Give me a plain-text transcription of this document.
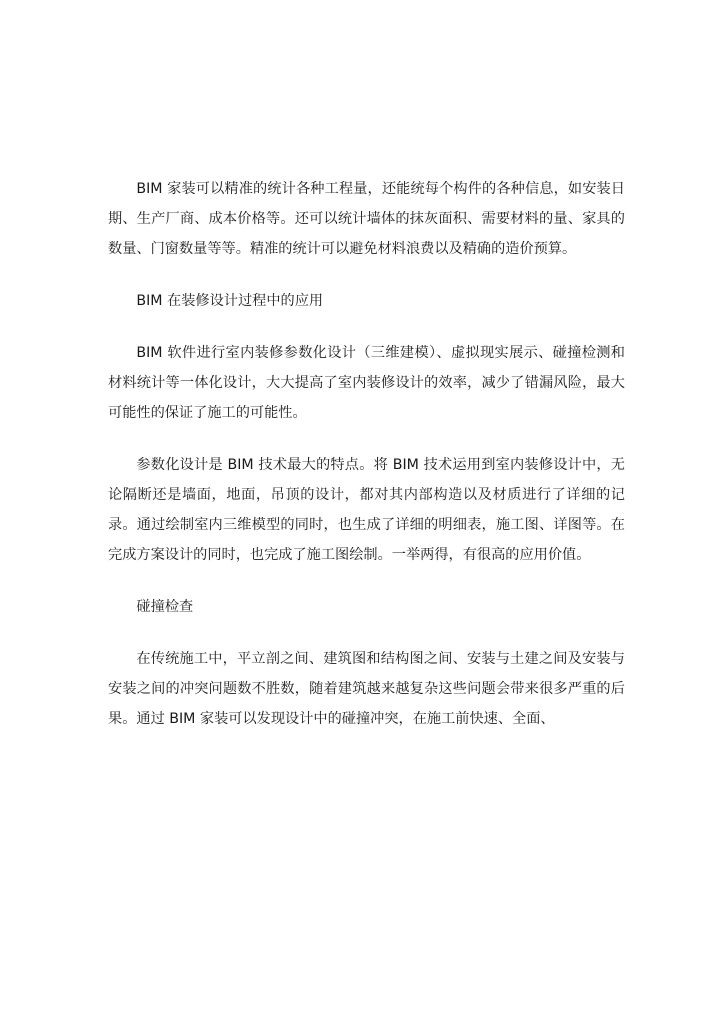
BIM 家装可以精准的统计各种工程量，还能统每个构件的各种信息，如安装日期、生产厂商、成本价格等。还可以统计墙体的抹灰面积、需要材料的量、家具的数量、门窗数量等等。精准的统计可以避免材料浪费以及精确的造价预算。

BIM 在装修设计过程中的应用

BIM 软件进行室内装修参数化设计（三维建模）、虚拟现实展示、碰撞检测和材料统计等一体化设计，大大提高了室内装修设计的效率，减少了错漏风险，最大可能性的保证了施工的可能性。

参数化设计是 BIM 技术最大的特点。将 BIM 技术运用到室内装修设计中，无论隔断还是墙面，地面，吊顶的设计，都对其内部构造以及材质进行了详细的记录。通过绘制室内三维模型的同时，也生成了详细的明细表，施工图、详图等。在完成方案设计的同时，也完成了施工图绘制。一举两得，有很高的应用价值。

碰撞检查

在传统施工中，平立剖之间、建筑图和结构图之间、安装与土建之间及安装与安装之间的冲突问题数不胜数，随着建筑越来越复杂这些问题会带来很多严重的后果。通过 BIM 家装可以发现设计中的碰撞冲突，在施工前快速、全面、
